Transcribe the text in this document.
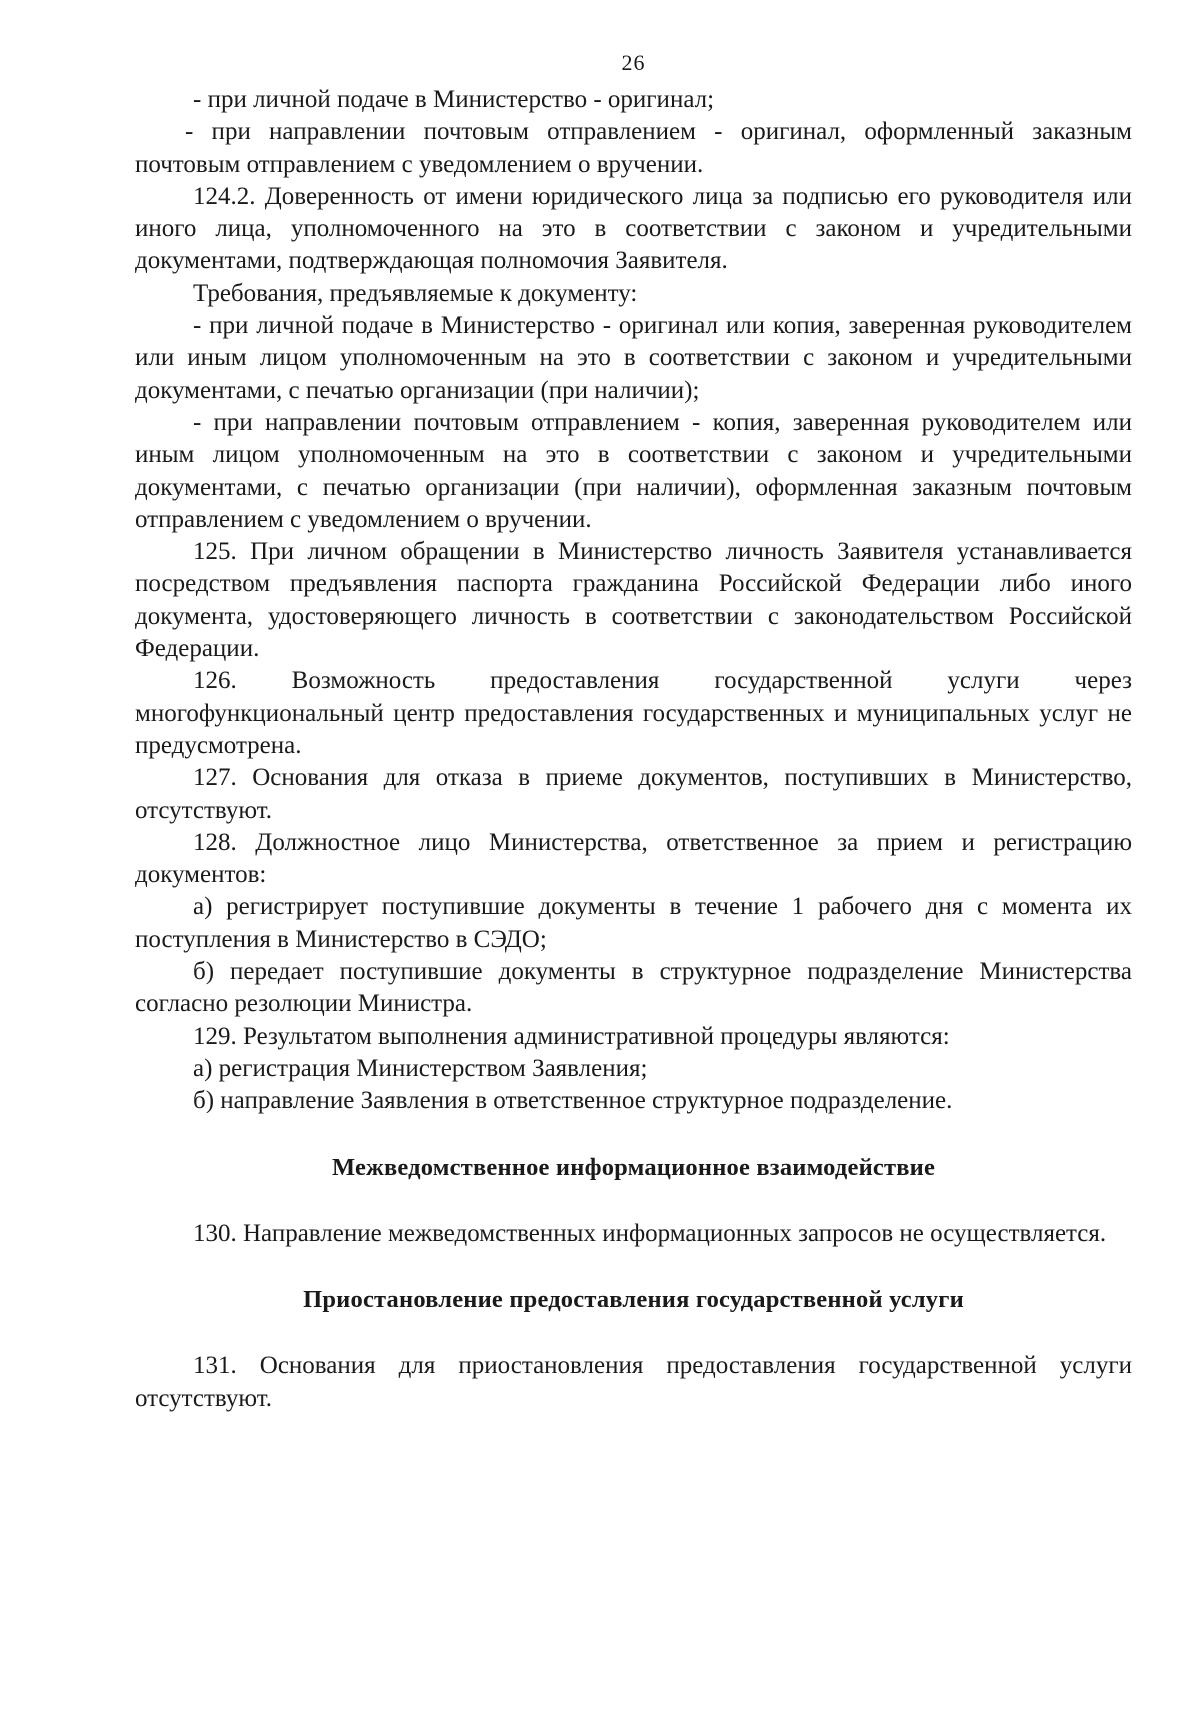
26

- при личной подаче в Министерство - оригинал;

- при направлении почтовым отправлением - оригинал, оформленный заказным почтовым отправлением с уведомлением о вручении.

124.2. Доверенность от имени юридического лица за подписью его руководителя или иного лица, уполномоченного на это в соответствии с законом и учредительными документами, подтверждающая полномочия Заявителя.

Требования, предъявляемые к документу:

- при личной подаче в Министерство - оригинал или копия, заверенная руководителем или иным лицом уполномоченным на это в соответствии с законом и учредительными документами, с печатью организации (при наличии);

- при направлении почтовым отправлением - копия, заверенная руководителем или иным лицом уполномоченным на это в соответствии с законом и учредительными документами, с печатью организации (при наличии), оформленная заказным почтовым отправлением с уведомлением о вручении.

125. При личном обращении в Министерство личность Заявителя устанавливается посредством предъявления паспорта гражданина Российской Федерации либо иного документа, удостоверяющего личность в соответствии с законодательством Российской Федерации.

126. Возможность предоставления государственной услуги через многофункциональный центр предоставления государственных и муниципальных услуг не предусмотрена.

127. Основания для отказа в приеме документов, поступивших в Министерство, отсутствуют.

128. Должностное лицо Министерства, ответственное за прием и регистрацию документов:

а) регистрирует поступившие документы в течение 1 рабочего дня с момента их поступления в Министерство в СЭДО;

б) передает поступившие документы в структурное подразделение Министерства согласно резолюции Министра.

129. Результатом выполнения административной процедуры являются:

а) регистрация Министерством Заявления;

б) направление Заявления в ответственное структурное подразделение.

Межведомственное информационное взаимодействие

130. Направление межведомственных информационных запросов не осуществляется.

Приостановление предоставления государственной услуги

131. Основания для приостановления предоставления государственной услуги отсутствуют.
